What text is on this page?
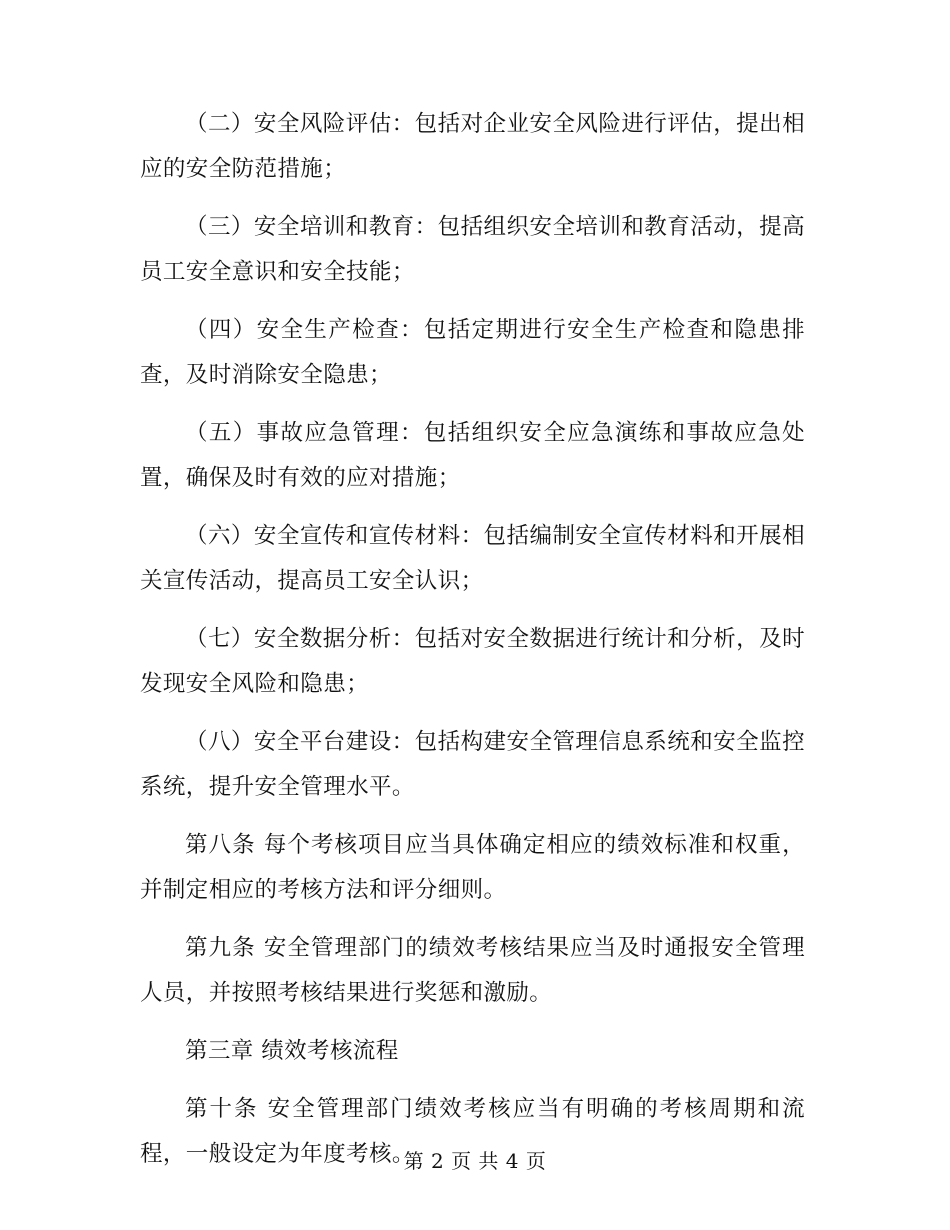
（二）安全风险评估：包括对企业安全风险进行评估，提出相应的安全防范措施；

（三）安全培训和教育：包括组织安全培训和教育活动，提高员工安全意识和安全技能；

（四）安全生产检查：包括定期进行安全生产检查和隐患排查，及时消除安全隐患；

（五）事故应急管理：包括组织安全应急演练和事故应急处置，确保及时有效的应对措施；

（六）安全宣传和宣传材料：包括编制安全宣传材料和开展相关宣传活动，提高员工安全认识；

（七）安全数据分析：包括对安全数据进行统计和分析，及时发现安全风险和隐患；

（八）安全平台建设：包括构建安全管理信息系统和安全监控系统，提升安全管理水平。

第八条 每个考核项目应当具体确定相应的绩效标准和权重，并制定相应的考核方法和评分细则。

第九条 安全管理部门的绩效考核结果应当及时通报安全管理人员，并按照考核结果进行奖惩和激励。

第三章 绩效考核流程

第十条 安全管理部门绩效考核应当有明确的考核周期和流程，一般设定为年度考核。

第 2 页 共 4 页
